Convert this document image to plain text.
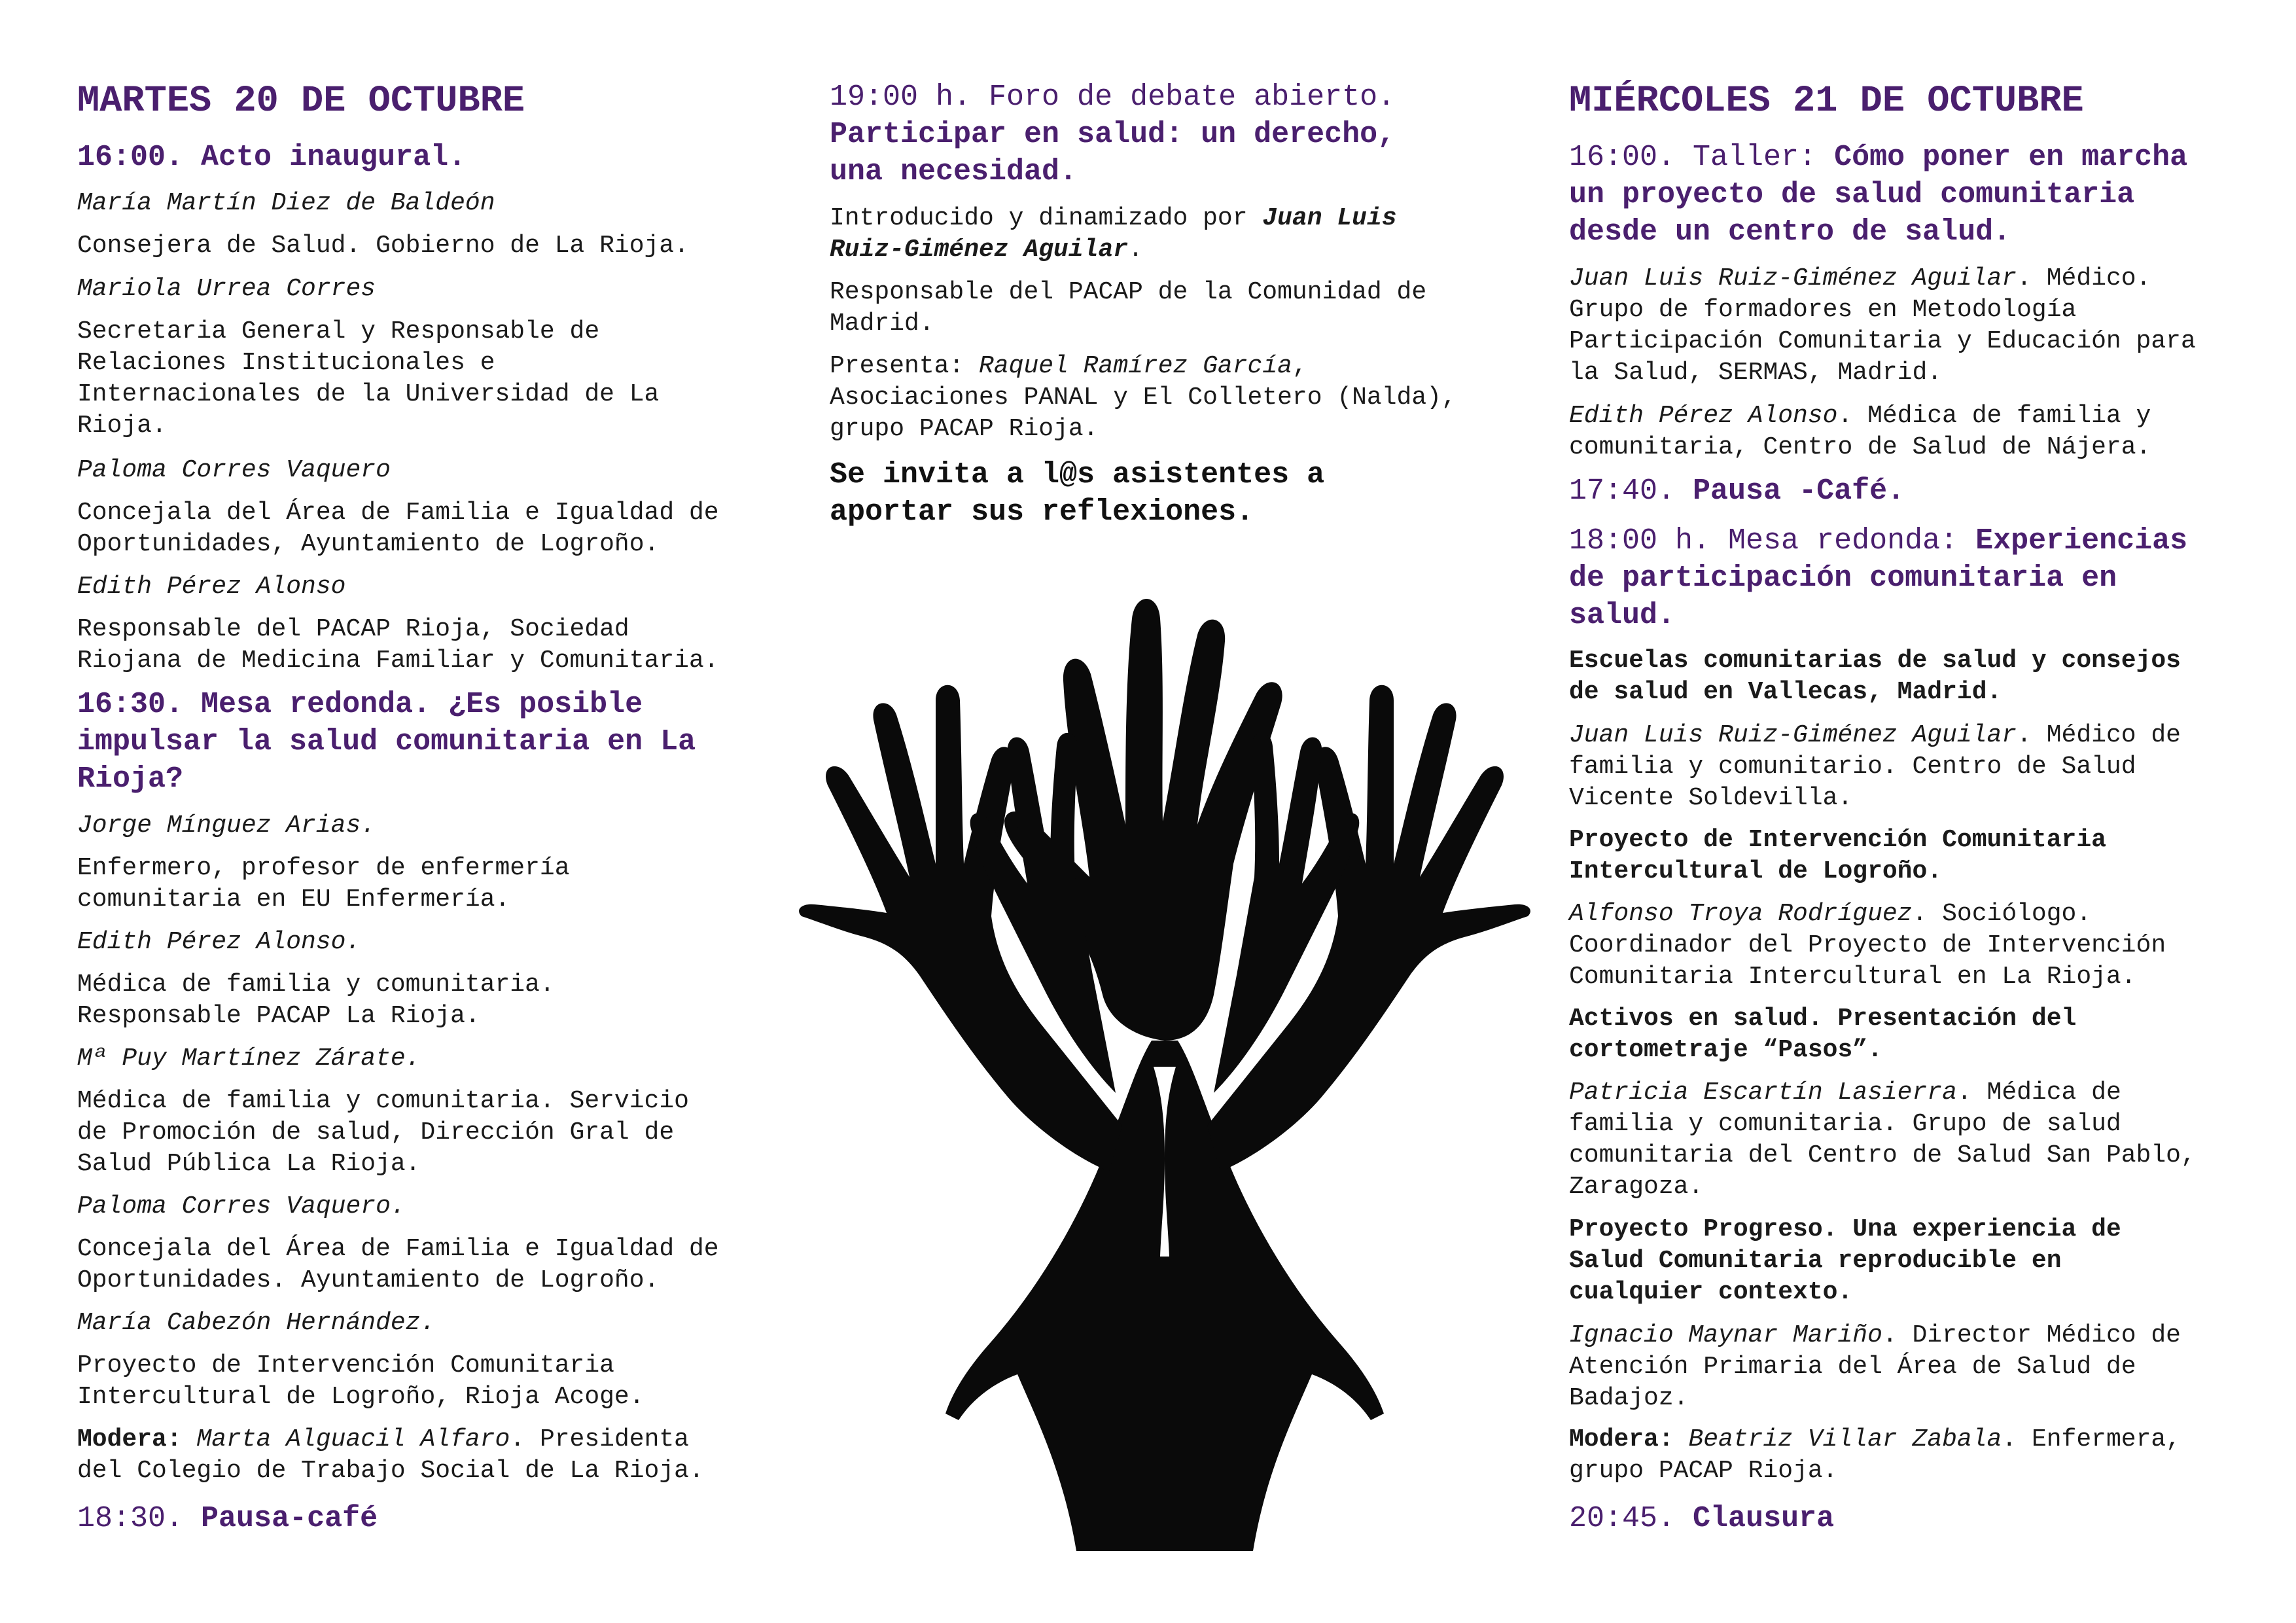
MARTES 20 DE OCTUBRE
16:00. Acto inaugural.
María Martín Diez de Baldeón
Consejera de Salud. Gobierno de La Rioja.
Mariola Urrea Corres
Secretaria General y Responsable de
Relaciones Institucionales e
Internacionales de la Universidad de La
Rioja.
Paloma Corres Vaquero
Concejala del Área de Familia e Igualdad de
Oportunidades, Ayuntamiento de Logroño.
Edith Pérez Alonso
Responsable del PACAP Rioja, Sociedad
Riojana de Medicina Familiar y Comunitaria.
16:30. Mesa redonda. ¿Es posible
impulsar la salud comunitaria en La
Rioja?
Jorge Mínguez Arias.
Enfermero, profesor de enfermería
comunitaria en EU Enfermería.
Edith Pérez Alonso.
Médica de familia y comunitaria.
Responsable PACAP La Rioja.
Mª Puy Martínez Zárate.
Médica de familia y comunitaria. Servicio
de Promoción de salud, Dirección Gral de
Salud Pública La Rioja.
Paloma Corres Vaquero.
Concejala del Área de Familia e Igualdad de
Oportunidades. Ayuntamiento de Logroño.
María Cabezón Hernández.
Proyecto de Intervención Comunitaria
Intercultural de Logroño, Rioja Acoge.
Modera: Marta Alguacil Alfaro. Presidenta
del Colegio de Trabajo Social de La Rioja.
18:30. Pausa-café
19:00 h. Foro de debate abierto.
Participar en salud: un derecho,
una necesidad.
Introducido y dinamizado por Juan Luis
Ruiz-Giménez Aguilar.
Responsable del PACAP de la Comunidad de
Madrid.
Presenta: Raquel Ramírez García,
Asociaciones PANAL y El Colletero (Nalda),
grupo PACAP Rioja.
Se invita a l@s asistentes a
aportar sus reflexiones.
MIÉRCOLES 21 DE OCTUBRE
16:00. Taller: Cómo poner en marcha
un proyecto de salud comunitaria
desde un centro de salud.
Juan Luis Ruiz-Giménez Aguilar. Médico.
Grupo de formadores en Metodología
Participación Comunitaria y Educación para
la Salud, SERMAS, Madrid.
Edith Pérez Alonso. Médica de familia y
comunitaria, Centro de Salud de Nájera.
17:40. Pausa -Café.
18:00 h. Mesa redonda: Experiencias
de participación comunitaria en
salud.
Escuelas comunitarias de salud y consejos
de salud en Vallecas, Madrid.
Juan Luis Ruiz-Giménez Aguilar. Médico de
familia y comunitario. Centro de Salud
Vicente Soldevilla.
Proyecto de Intervención Comunitaria
Intercultural de Logroño.
Alfonso Troya Rodríguez. Sociólogo.
Coordinador del Proyecto de Intervención
Comunitaria Intercultural en La Rioja.
Activos en salud. Presentación del
cortometraje “Pasos”.
Patricia Escartín Lasierra. Médica de
familia y comunitaria. Grupo de salud
comunitaria del Centro de Salud San Pablo,
Zaragoza.
Proyecto Progreso. Una experiencia de
Salud Comunitaria reproducible en
cualquier contexto.
Ignacio Maynar Mariño. Director Médico de
Atención Primaria del Área de Salud de
Badajoz.
Modera: Beatriz Villar Zabala. Enfermera,
grupo PACAP Rioja.
20:45. Clausura
